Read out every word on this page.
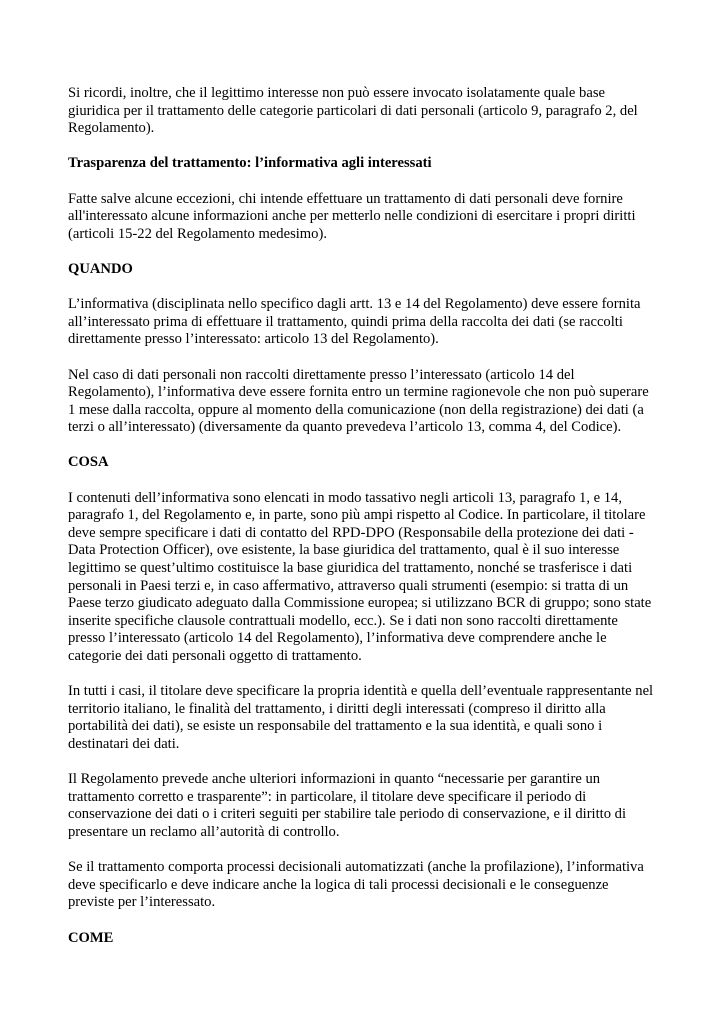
Si ricordi, inoltre, che il legittimo interesse non può essere invocato isolatamente quale base
giuridica per il trattamento delle categorie particolari di dati personali (articolo 9, paragrafo 2, del
Regolamento).

Trasparenza del trattamento: l’informativa agli interessati

Fatte salve alcune eccezioni, chi intende effettuare un trattamento di dati personali deve fornire
all'interessato alcune informazioni anche per metterlo nelle condizioni di esercitare i propri diritti
(articoli 15-22 del Regolamento medesimo).

QUANDO

L’informativa (disciplinata nello specifico dagli artt. 13 e 14 del Regolamento) deve essere fornita
all’interessato prima di effettuare il trattamento, quindi prima della raccolta dei dati (se raccolti
direttamente presso l’interessato: articolo 13 del Regolamento).

Nel caso di dati personali non raccolti direttamente presso l’interessato (articolo 14 del
Regolamento), l’informativa deve essere fornita entro un termine ragionevole che non può superare
1 mese dalla raccolta, oppure al momento della comunicazione (non della registrazione) dei dati (a
terzi o all’interessato) (diversamente da quanto prevedeva l’articolo 13, comma 4, del Codice).

COSA

I contenuti dell’informativa sono elencati in modo tassativo negli articoli 13, paragrafo 1, e 14,
paragrafo 1, del Regolamento e, in parte, sono più ampi rispetto al Codice. In particolare, il titolare
deve sempre specificare i dati di contatto del RPD-DPO (Responsabile della protezione dei dati -
Data Protection Officer), ove esistente, la base giuridica del trattamento, qual è il suo interesse
legittimo se quest’ultimo costituisce la base giuridica del trattamento, nonché se trasferisce i dati
personali in Paesi terzi e, in caso affermativo, attraverso quali strumenti (esempio: si tratta di un
Paese terzo giudicato adeguato dalla Commissione europea; si utilizzano BCR di gruppo; sono state
inserite specifiche clausole contrattuali modello, ecc.). Se i dati non sono raccolti direttamente
presso l’interessato (articolo 14 del Regolamento), l’informativa deve comprendere anche le
categorie dei dati personali oggetto di trattamento.

In tutti i casi, il titolare deve specificare la propria identità e quella dell’eventuale rappresentante nel
territorio italiano, le finalità del trattamento, i diritti degli interessati (compreso il diritto alla
portabilità dei dati), se esiste un responsabile del trattamento e la sua identità, e quali sono i
destinatari dei dati.

Il Regolamento prevede anche ulteriori informazioni in quanto “necessarie per garantire un
trattamento corretto e trasparente”: in particolare, il titolare deve specificare il periodo di
conservazione dei dati o i criteri seguiti per stabilire tale periodo di conservazione, e il diritto di
presentare un reclamo all’autorità di controllo.

Se il trattamento comporta processi decisionali automatizzati (anche la profilazione), l’informativa
deve specificarlo e deve indicare anche la logica di tali processi decisionali e le conseguenze
previste per l’interessato.

COME
